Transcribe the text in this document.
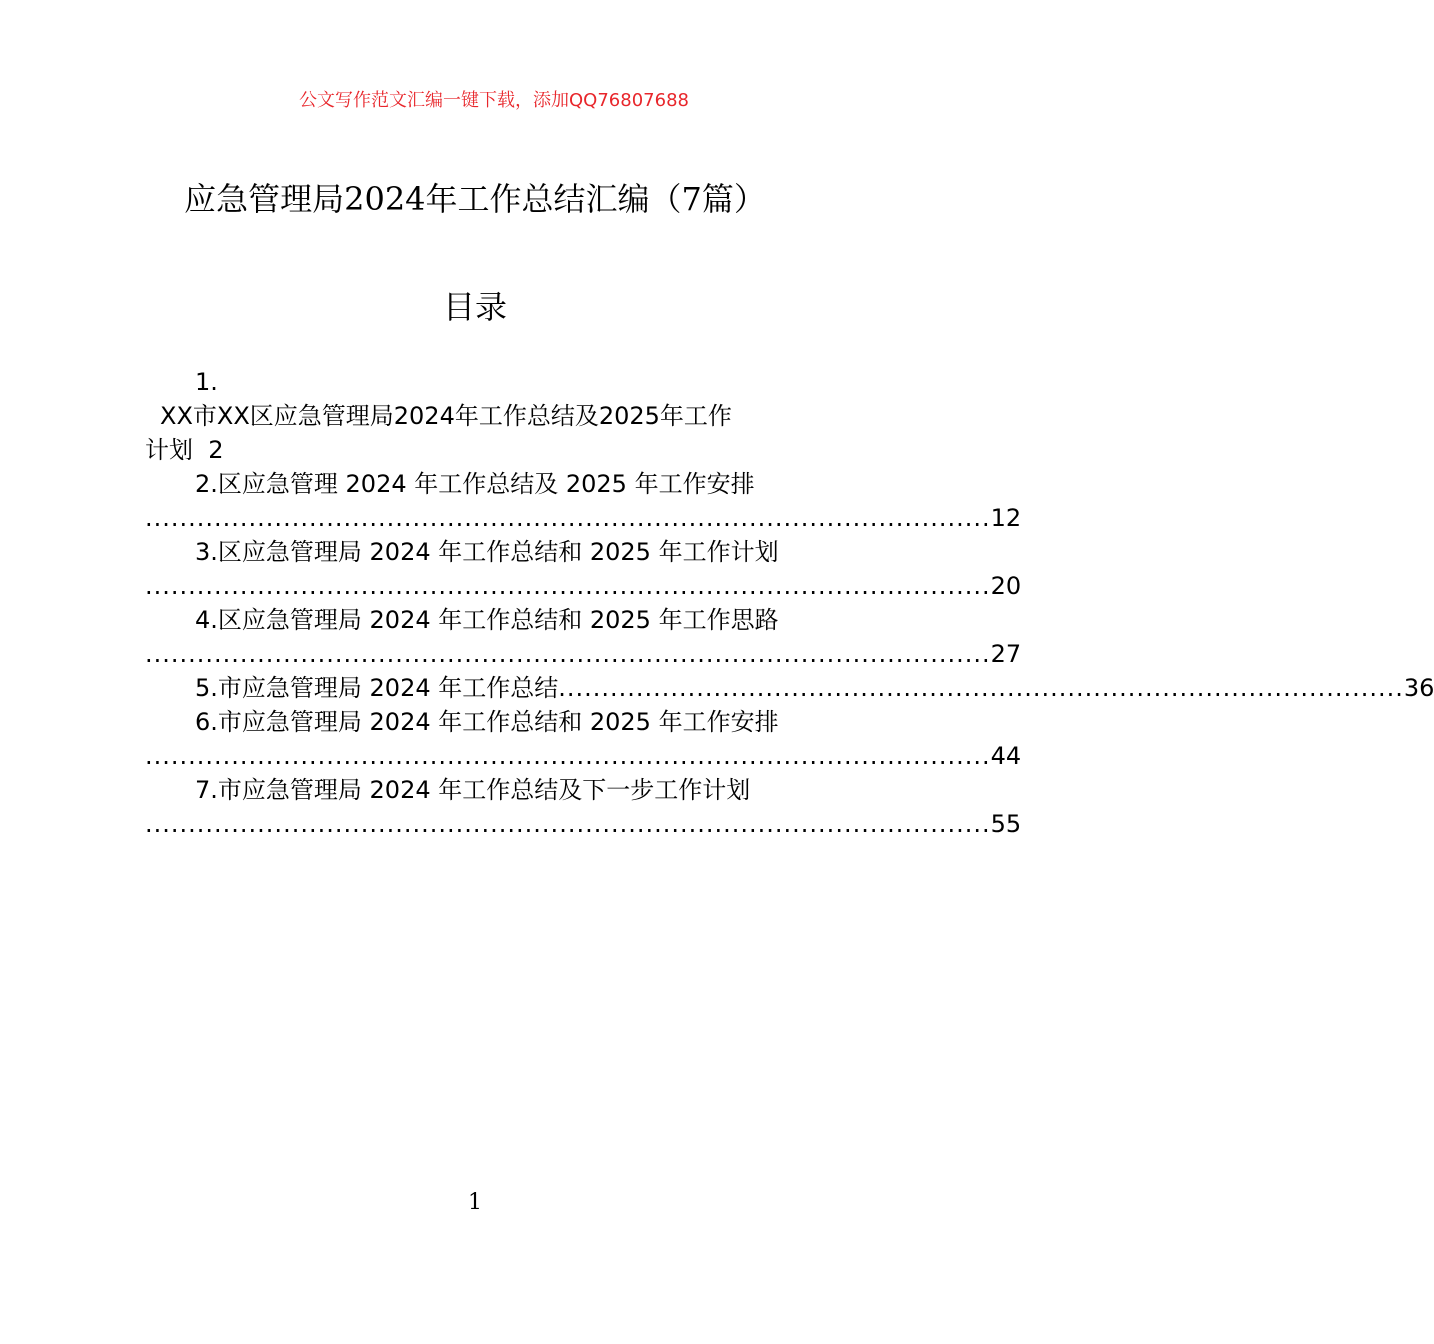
公文写作范文汇编一键下载，添加QQ76807688
应急管理局2024年工作总结汇编（7篇）
目录
1.
XX市XX区应急管理局2024年工作总结及2025年工作
计划 2
2.区应急管理 2024 年工作总结及 2025 年工作安排
.................................................................................................. 12
3.区应急管理局 2024 年工作总结和 2025 年工作计划
.................................................................................................. 20
4.区应急管理局 2024 年工作总结和 2025 年工作思路
.................................................................................................. 27
5.市应急管理局 2024 年工作总结 .................................................................................................. 36
6.市应急管理局 2024 年工作总结和 2025 年工作安排
.................................................................................................. 44
7.市应急管理局 2024 年工作总结及下一步工作计划
.................................................................................................. 55
1
